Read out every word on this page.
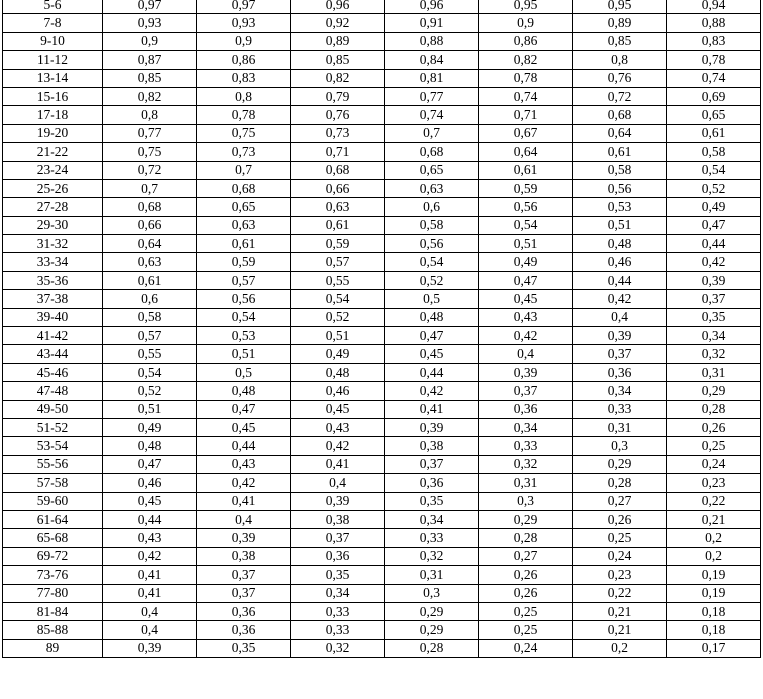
5-6	0,97	0,97	0,96	0,96	0,95	0,95	0,94
7-8	0,93	0,93	0,92	0,91	0,9	0,89	0,88
9-10	0,9	0,9	0,89	0,88	0,86	0,85	0,83
11-12	0,87	0,86	0,85	0,84	0,82	0,8	0,78
13-14	0,85	0,83	0,82	0,81	0,78	0,76	0,74
15-16	0,82	0,8	0,79	0,77	0,74	0,72	0,69
17-18	0,8	0,78	0,76	0,74	0,71	0,68	0,65
19-20	0,77	0,75	0,73	0,7	0,67	0,64	0,61
21-22	0,75	0,73	0,71	0,68	0,64	0,61	0,58
23-24	0,72	0,7	0,68	0,65	0,61	0,58	0,54
25-26	0,7	0,68	0,66	0,63	0,59	0,56	0,52
27-28	0,68	0,65	0,63	0,6	0,56	0,53	0,49
29-30	0,66	0,63	0,61	0,58	0,54	0,51	0,47
31-32	0,64	0,61	0,59	0,56	0,51	0,48	0,44
33-34	0,63	0,59	0,57	0,54	0,49	0,46	0,42
35-36	0,61	0,57	0,55	0,52	0,47	0,44	0,39
37-38	0,6	0,56	0,54	0,5	0,45	0,42	0,37
39-40	0,58	0,54	0,52	0,48	0,43	0,4	0,35
41-42	0,57	0,53	0,51	0,47	0,42	0,39	0,34
43-44	0,55	0,51	0,49	0,45	0,4	0,37	0,32
45-46	0,54	0,5	0,48	0,44	0,39	0,36	0,31
47-48	0,52	0,48	0,46	0,42	0,37	0,34	0,29
49-50	0,51	0,47	0,45	0,41	0,36	0,33	0,28
51-52	0,49	0,45	0,43	0,39	0,34	0,31	0,26
53-54	0,48	0,44	0,42	0,38	0,33	0,3	0,25
55-56	0,47	0,43	0,41	0,37	0,32	0,29	0,24
57-58	0,46	0,42	0,4	0,36	0,31	0,28	0,23
59-60	0,45	0,41	0,39	0,35	0,3	0,27	0,22
61-64	0,44	0,4	0,38	0,34	0,29	0,26	0,21
65-68	0,43	0,39	0,37	0,33	0,28	0,25	0,2
69-72	0,42	0,38	0,36	0,32	0,27	0,24	0,2
73-76	0,41	0,37	0,35	0,31	0,26	0,23	0,19
77-80	0,41	0,37	0,34	0,3	0,26	0,22	0,19
81-84	0,4	0,36	0,33	0,29	0,25	0,21	0,18
85-88	0,4	0,36	0,33	0,29	0,25	0,21	0,18
89	0,39	0,35	0,32	0,28	0,24	0,2	0,17
